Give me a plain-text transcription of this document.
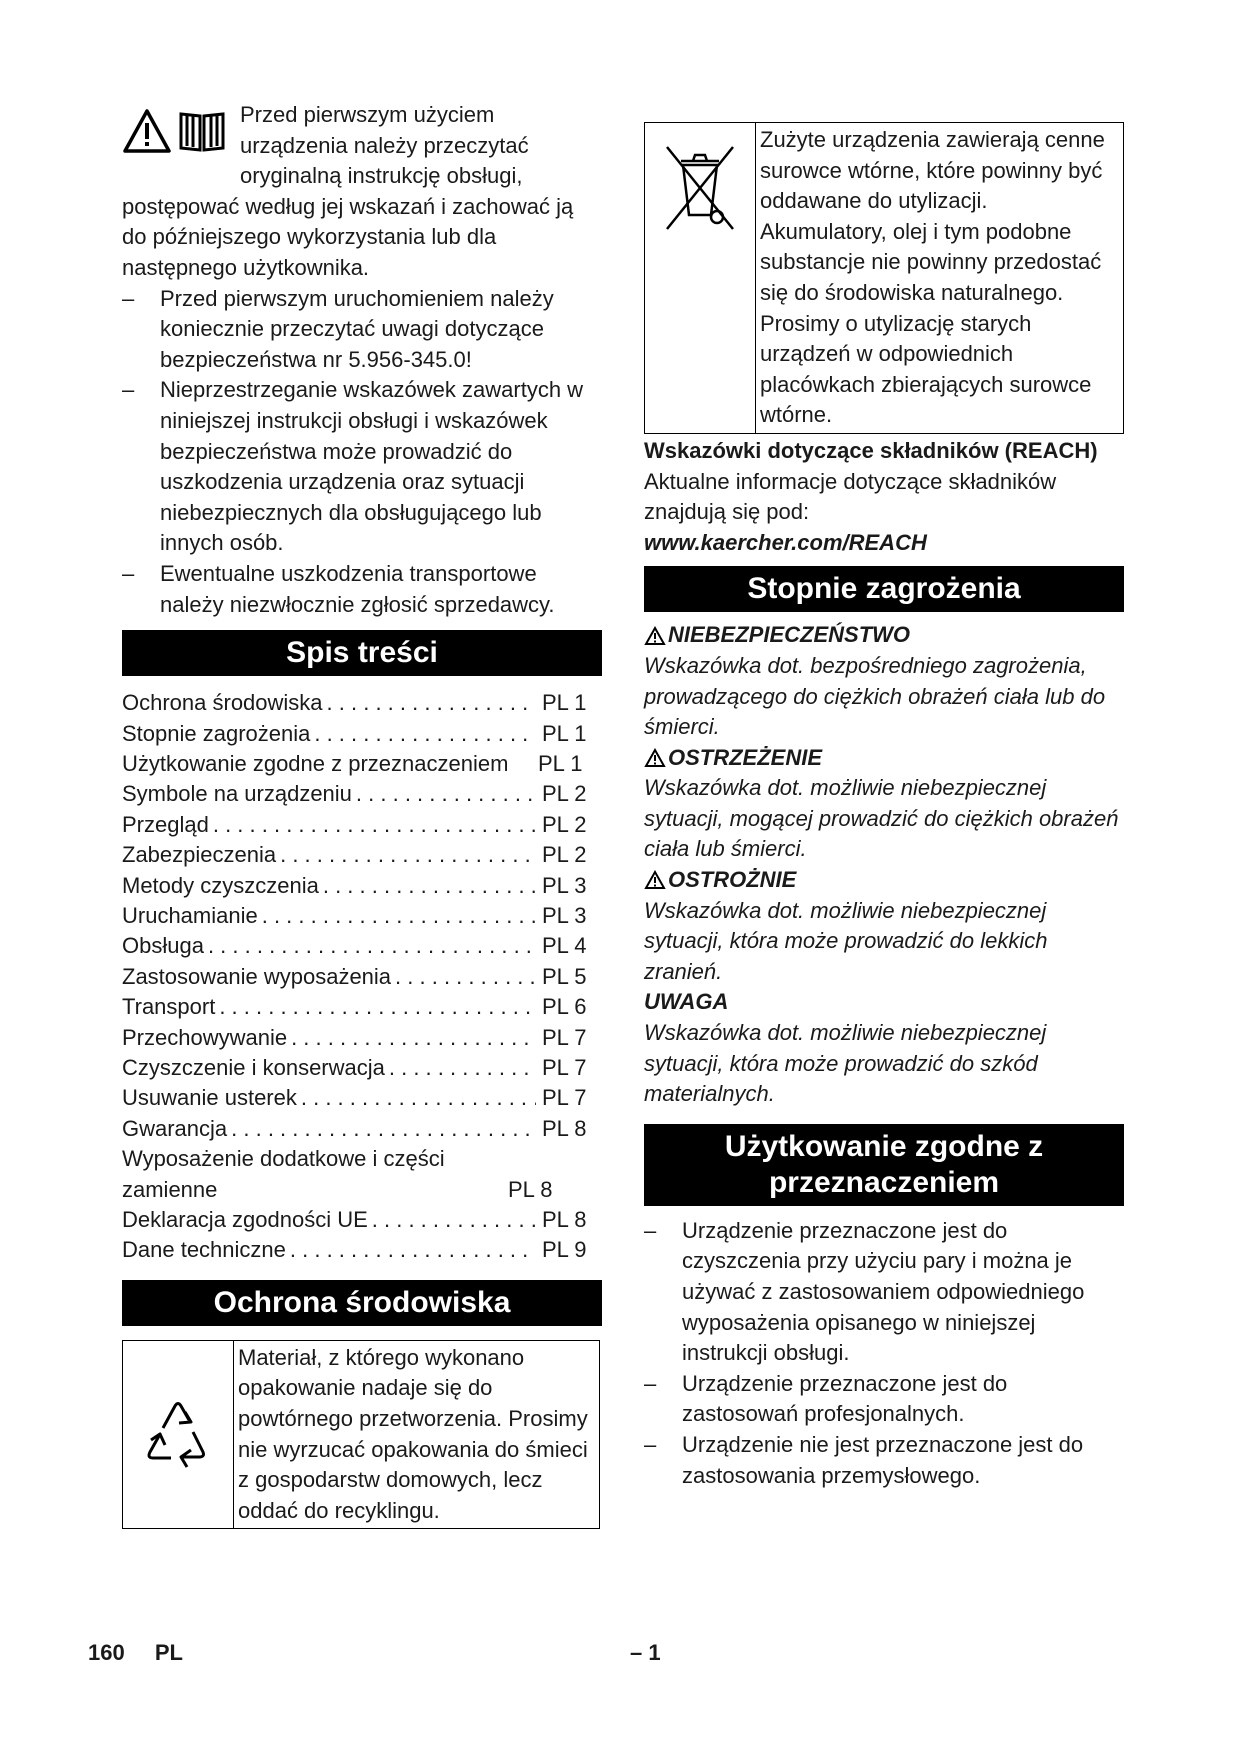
Przed pierwszym użyciem urządzenia należy przeczytać oryginalną instrukcję obsługi, postępować według jej wskazań i zachować ją do późniejszego wykorzystania lub dla następnego użytkownika.

– Przed pierwszym uruchomieniem należy koniecznie przeczytać uwagi dotyczące bezpieczeństwa nr 5.956-345.0!
– Nieprzestrzeganie wskazówek zawartych w niniejszej instrukcji obsługi i wskazówek bezpieczeństwa może prowadzić do uszkodzenia urządzenia oraz sytuacji niebezpiecznych dla obsługującego lub innych osób.
– Ewentualne uszkodzenia transportowe należy niezwłocznie zgłosić sprzedawcy.
Spis treści
Ochrona środowiska . . .	PL 1
Stopnie zagrożenia . . .	PL 1
Użytkowanie zgodne z przeznaczeniem	PL 1
Symbole na urządzeniu . . .	PL 2
Przegląd . . .	PL 2
Zabezpieczenia . . .	PL 2
Metody czyszczenia . . .	PL 3
Uruchamianie . . .	PL 3
Obsługa . . .	PL 4
Zastosowanie wyposażenia . . .	PL 5
Transport . . .	PL 6
Przechowywanie . . .	PL 7
Czyszczenie i konserwacja . . .	PL 7
Usuwanie usterek . . .	PL 7
Gwarancja . . .	PL 8
Wyposażenie dodatkowe i części zamienne	PL 8
Deklaracja zgodności UE . . .	PL 8
Dane techniczne . . .	PL 9
Ochrona środowiska
Materiał, z którego wykonano opakowanie nadaje się do powtórnego przetworzenia. Prosimy nie wyrzucać opakowania do śmieci z gospodarstw domowych, lecz oddać do recyklingu.
Zużyte urządzenia zawierają cenne surowce wtórne, które powinny być oddawane do utylizacji. Akumulatory, olej i tym podobne substancje nie powinny przedostać się do środowiska naturalnego. Prosimy o utylizację starych urządzeń w odpowiednich placówkach zbierających surowce wtórne.

Wskazówki dotyczące składników (REACH)

Aktualne informacje dotyczące składników znajdują się pod:

www.kaercher.com/REACH

Stopnie zagrożenia
NIEBEZPIECZEŃSTWO

Wskazówka dot. bezpośredniego zagrożenia, prowadzącego do ciężkich obrażeń ciała lub do śmierci.

OSTRZEŻENIE

Wskazówka dot. możliwie niebezpiecznej sytuacji, mogącej prowadzić do ciężkich obrażeń ciała lub śmierci.

OSTROŻNIE

Wskazówka dot. możliwie niebezpiecznej sytuacji, która może prowadzić do lekkich zranień.

UWAGA

Wskazówka dot. możliwie niebezpiecznej sytuacji, która może prowadzić do szkód materialnych.

Użytkowanie zgodne z przeznaczeniem
– Urządzenie przeznaczone jest do czyszczenia przy użyciu pary i można je używać z zastosowaniem odpowiedniego wyposażenia opisanego w niniejszej instrukcji obsługi.
– Urządzenie przeznaczone jest do zastosowań profesjonalnych.
– Urządzenie nie jest przeznaczone jest do zastosowania przemysłowego.
160 PL	– 1
